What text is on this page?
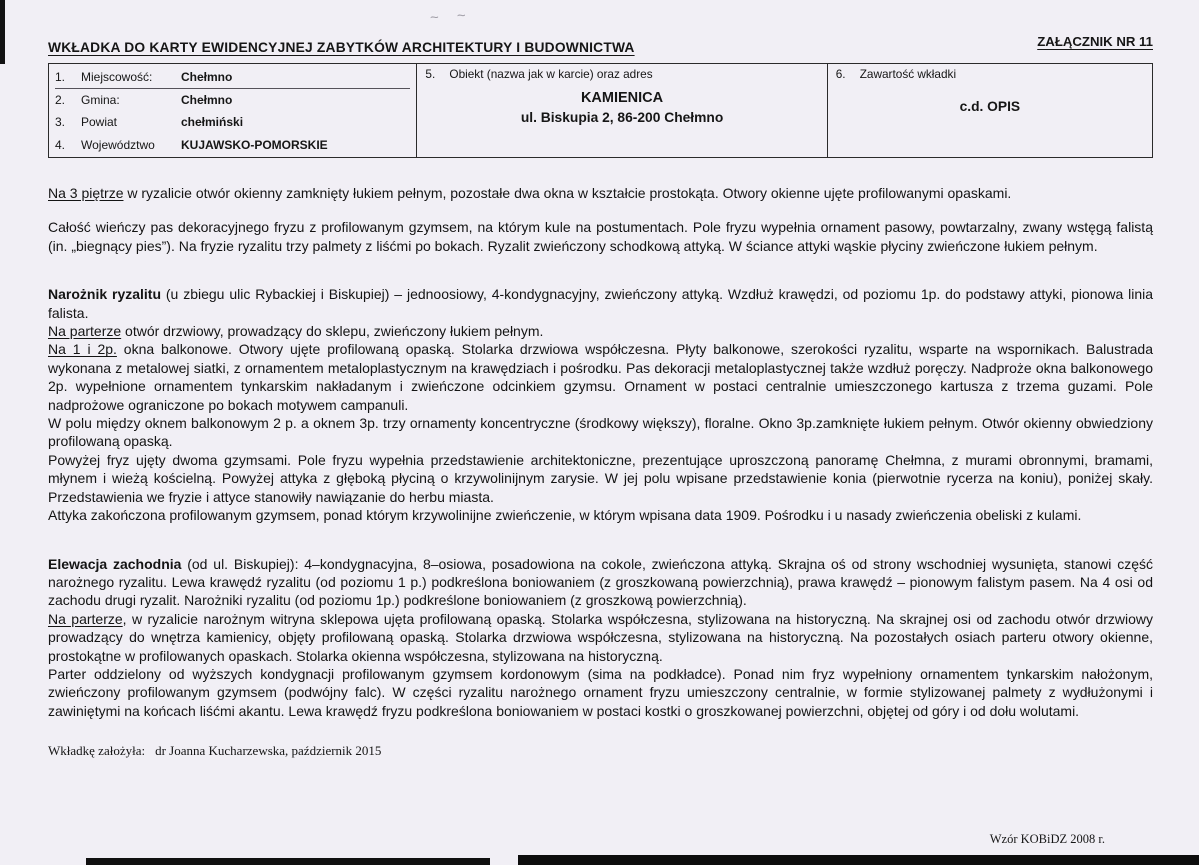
WKŁADKA DO KARTY EWIDENCYJNEJ ZABYTKÓW ARCHITEKTURY I BUDOWNICTWA	ZAŁĄCZNIK NR 11
1.	Miejscowość:	Chełmno
2.	Gmina:	Chełmno
3.	Powiat	chełmiński
4.	Województwo	KUJAWSKO-POMORSKIE
5.	Obiekt (nazwa jak w karcie) oraz adres
KAMIENICA
ul. Biskupia 2, 86-200 Chełmno
6.	Zawartość wkładki
c.d. OPIS

Na 3 piętrze w ryzalicie otwór okienny zamknięty łukiem pełnym, pozostałe dwa okna w kształcie prostokąta. Otwory okienne ujęte profilowanymi opaskami.

Całość wieńczy pas dekoracyjnego fryzu z profilowanym gzymsem, na którym kule na postumentach. Pole fryzu wypełnia ornament pasowy, powtarzalny, zwany wstęgą falistą (in. „biegnący pies”). Na fryzie ryzalitu trzy palmety z liśćmi po bokach. Ryzalit zwieńczony schodkową attyką. W ściance attyki wąskie płyciny zwieńczone łukiem pełnym.

Narożnik ryzalitu (u zbiegu ulic Rybackiej i Biskupiej) – jednoosiowy, 4-kondygnacyjny, zwieńczony attyką. Wzdłuż krawędzi, od poziomu 1p. do podstawy attyki, pionowa linia falista.

Na parterze otwór drzwiowy, prowadzący do sklepu, zwieńczony łukiem pełnym.

Na 1 i 2p. okna balkonowe. Otwory ujęte profilowaną opaską. Stolarka drzwiowa współczesna. Płyty balkonowe, szerokości ryzalitu, wsparte na wspornikach. Balustrada wykonana z metalowej siatki, z ornamentem metaloplastycznym na krawędziach i pośrodku. Pas dekoracji metaloplastycznej także wzdłuż poręczy. Nadproże okna balkonowego 2p. wypełnione ornamentem tynkarskim nakładanym i zwieńczone odcinkiem gzymsu. Ornament w postaci centralnie umieszczonego kartusza z trzema guzami. Pole nadprożowe ograniczone po bokach motywem campanuli.

W polu między oknem balkonowym 2 p. a oknem 3p. trzy ornamenty koncentryczne (środkowy większy), floralne. Okno 3p.zamknięte łukiem pełnym. Otwór okienny obwiedziony profilowaną opaską.

Powyżej fryz ujęty dwoma gzymsami. Pole fryzu wypełnia przedstawienie architektoniczne, prezentujące uproszczoną panoramę Chełmna, z murami obronnymi, bramami, młynem i wieżą kościelną. Powyżej attyka z głęboką płyciną o krzywolinijnym zarysie. W jej polu wpisane przedstawienie konia (pierwotnie rycerza na koniu), poniżej skały. Przedstawienia we fryzie i attyce stanowiły nawiązanie do herbu miasta.

Attyka zakończona profilowanym gzymsem, ponad którym krzywolinijne zwieńczenie, w którym wpisana data 1909. Pośrodku i u nasady zwieńczenia obeliski z kulami.

Elewacja zachodnia (od ul. Biskupiej): 4–kondygnacyjna, 8–osiowa, posadowiona na cokole, zwieńczona attyką. Skrajna oś od strony wschodniej wysunięta, stanowi część narożnego ryzalitu. Lewa krawędź ryzalitu (od poziomu 1 p.) podkreślona boniowaniem (z groszkowaną powierzchnią), prawa krawędź – pionowym falistym pasem. Na 4 osi od zachodu drugi ryzalit. Narożniki ryzalitu (od poziomu 1p.) podkreślone boniowaniem (z groszkową powierzchnią).

Na parterze, w ryzalicie narożnym witryna sklepowa ujęta profilowaną opaską. Stolarka współczesna, stylizowana na historyczną. Na skrajnej osi od zachodu otwór drzwiowy prowadzący do wnętrza kamienicy, objęty profilowaną opaską. Stolarka drzwiowa współczesna, stylizowana na historyczną. Na pozostałych osiach parteru otwory okienne, prostokątne w profilowanych opaskach. Stolarka okienna współczesna, stylizowana na historyczną.

Parter oddzielony od wyższych kondygnacji profilowanym gzymsem kordonowym (sima na podkładce). Ponad nim fryz wypełniony ornamentem tynkarskim nałożonym, zwieńczony profilowanym gzymsem (podwójny falc). W części ryzalitu narożnego ornament fryzu umieszczony centralnie, w formie stylizowanej palmety z wydłużonymi i zawiniętymi na końcach liśćmi akantu. Lewa krawędź fryzu podkreślona boniowaniem w postaci kostki o groszkowanej powierzchni, objętej od góry i od dołu wolutami.

Wkładkę założyła: dr Joanna Kucharzewska, październik 2015
Wzór KOBiDZ 2008 r.
~ ~
